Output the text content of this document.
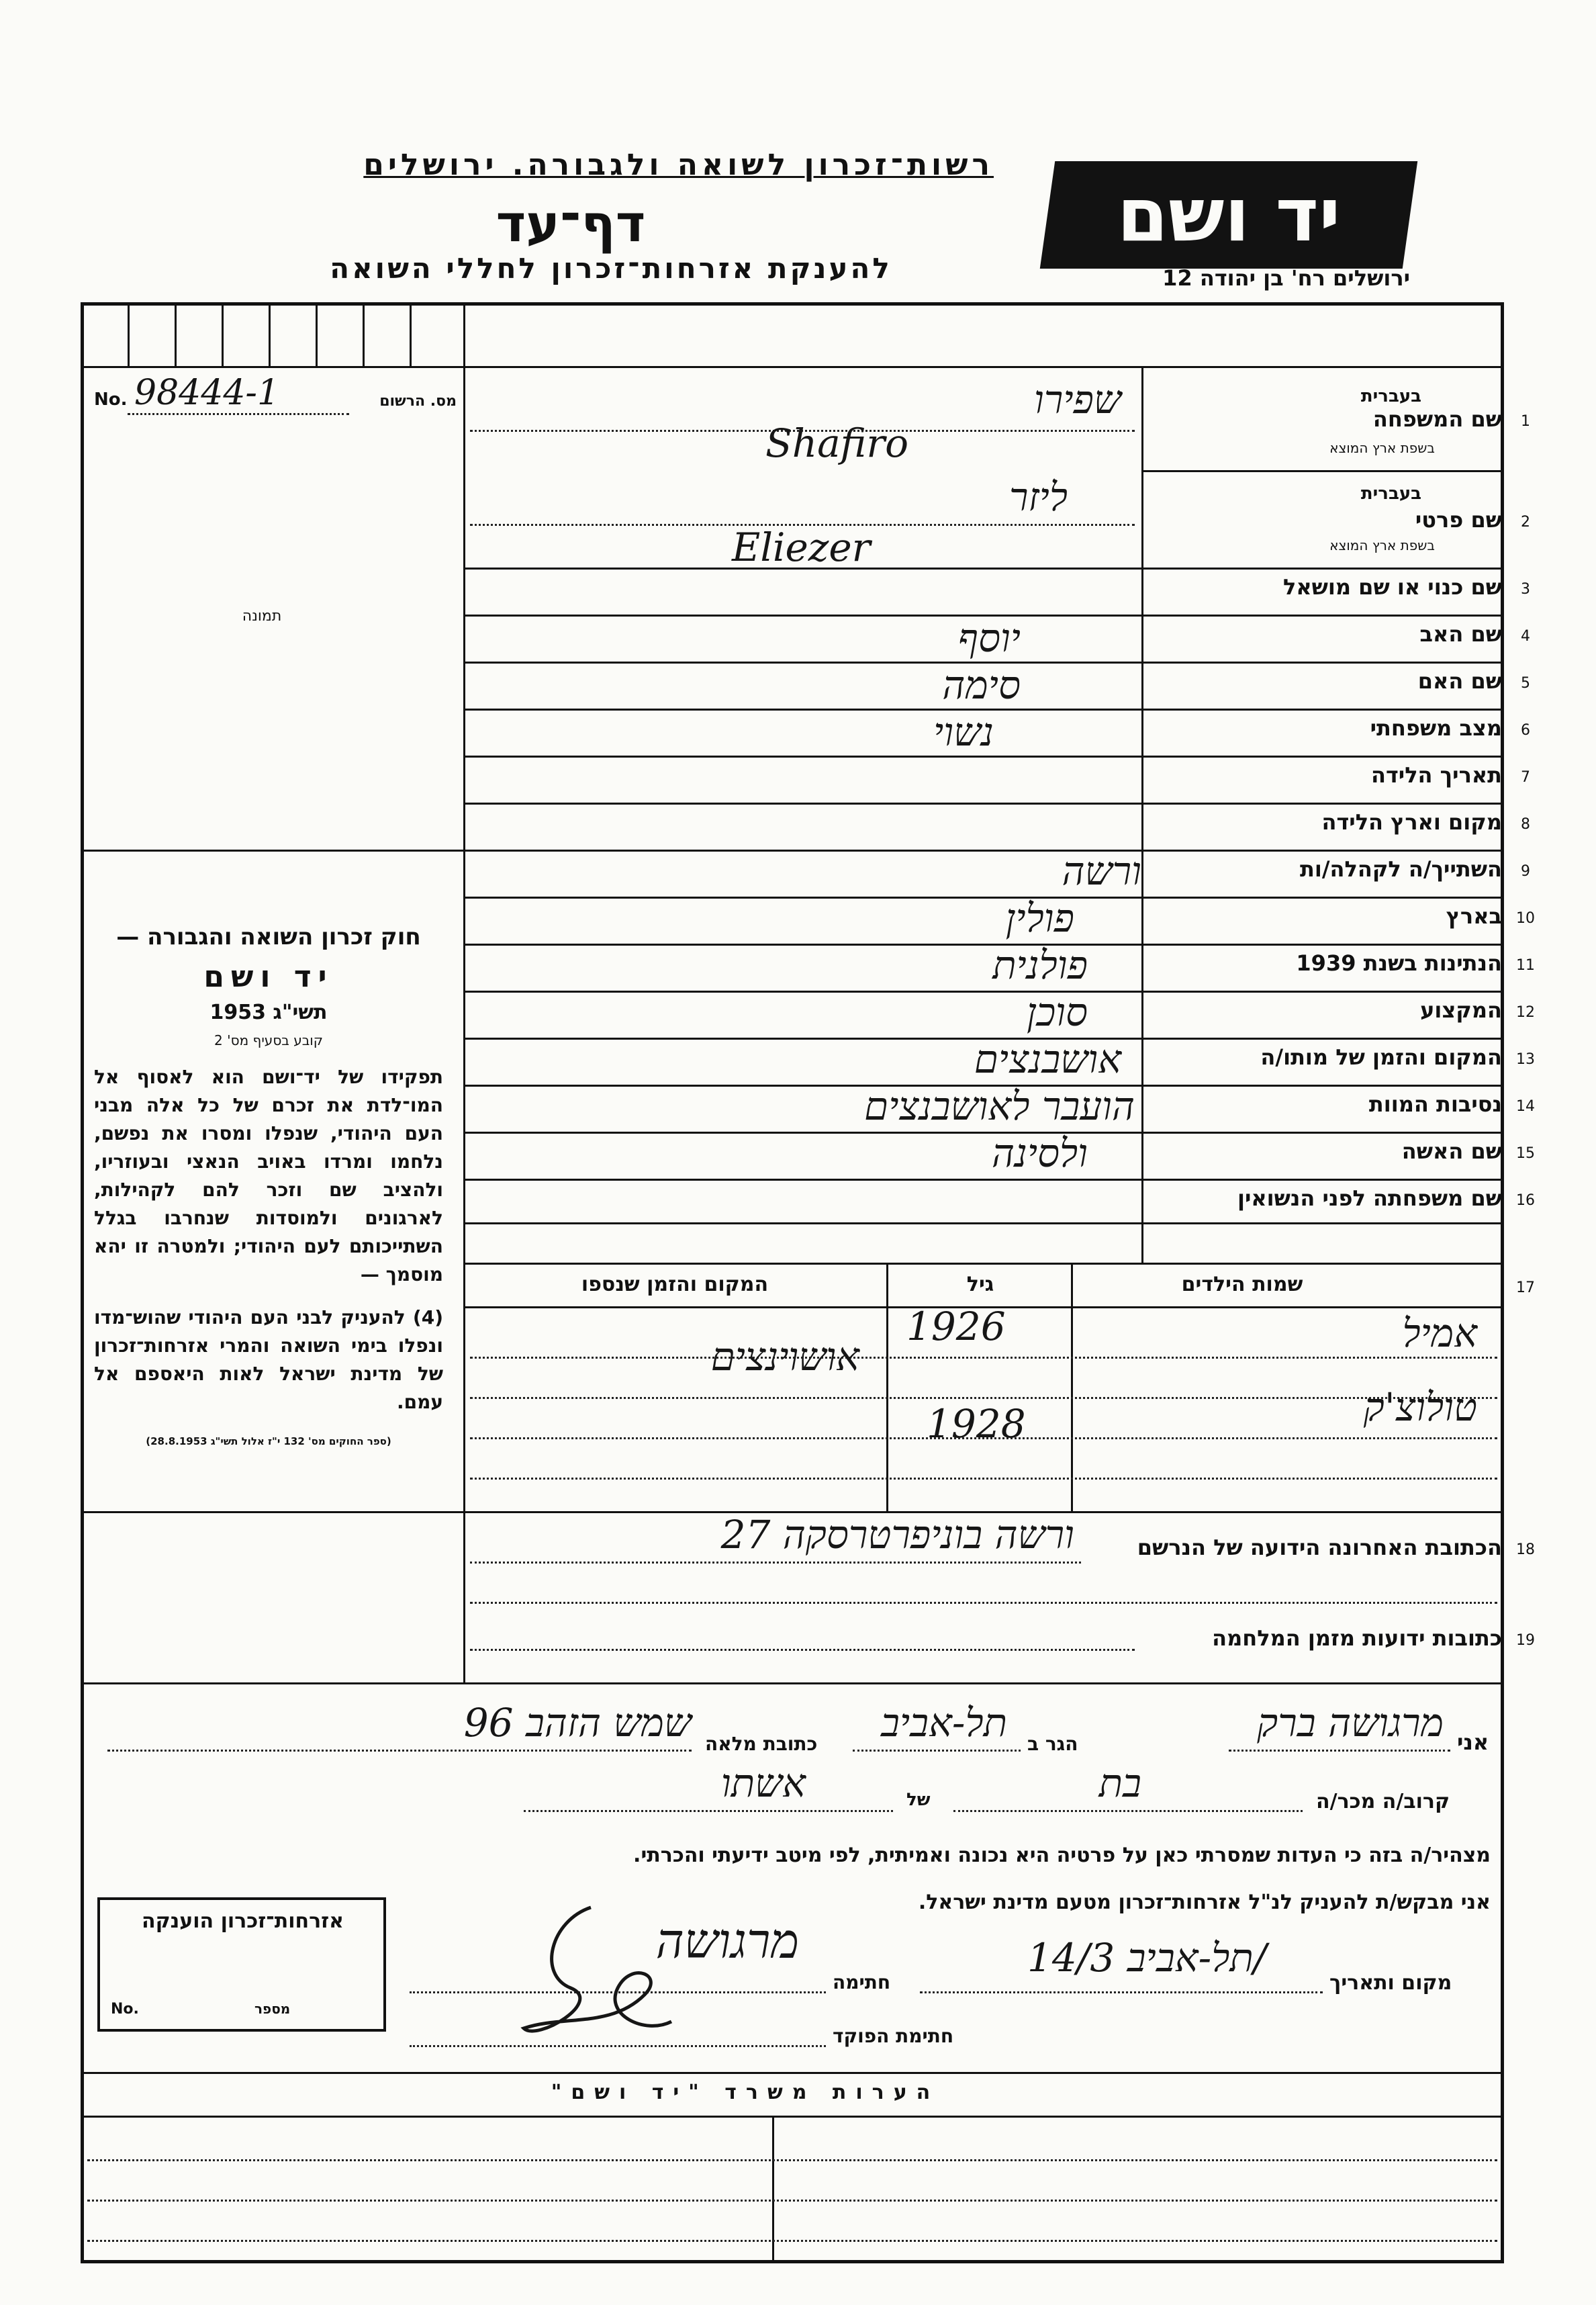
יד ושם
ירושלים רח' בן יהודה 12
רשות־זכרון לשואה ולגבורה. ירושלים
דף־עד
להענקת אזרחות־זכרון לחללי השואה
מס. הרשום
No. 98444-1
תמונה
חוק זכרון השואה והגבורה —
יד ושם
תשי"ג 1953
קובע בסעיף מס' 2
תפקידו של יד־ושם הוא לאסוף אל המו־לדת את זכרם של כל אלה מבני העם היהודי, שנפלו ומסרו את נפשם, נלחמו ומרדו באויב הנאצי ובעוזריו, ולהציב שם וזכר להם לקהילות, לארגונים ולמוסדות שנחרבו בגלל השתייכותם לעם היהודי; ולמטרה זו יהא מוסמך —
(4) להעניק לבני העם היהודי שהוש־מדו ונפלו בימי השואה והמרי אזרחות־זכרון של מדינת ישראל לאות היאספם אל עמם.
(ספר החוקים מס' 132 י"ז אלול תשי"ג 28.8.1953)
1
שם המשפחה
בעברית
בשפת ארץ המוצא
שפירו
Shafiro
2
שם פרטי
בעברית
בשפת ארץ המוצא
ליזר
Eliezer
3
שם כנוי או שם מושאל
4
שם האב
יוסף
5
שם האם
סימה
6
מצב משפחתי
נשוי
7
תאריך הלידה
8
מקום וארץ הלידה
9
השתייך/ה לקהלה/ות
ורשה
10
בארץ
פולין
11
הנתינות בשנת 1939
פולנית
12
המקצוע
סוכן
13
המקום והזמן של מותו/ה
אושבנצים
14
נסיבות המוות
הועבר לאושבנצים
15
שם האשה
ולסינה
16
שם משפחתה לפני הנשואין
17
שמות הילדים
גיל
המקום והזמן שנספו
אמיל
1926
אושוינצים
טולוצ'ק
1928
18
הכתובת האחרונה הידועה של הנרשם
ורשה בוניפרטרסקה 27
19
כתובות ידועות מזמן המלחמה
אני
מרגושה ברק
הגר ב
תל-אביב
כתובת מלאה
שמש הזהב 96
קרוב/ה מכר/ה
בת
של
אשתו
מצהיר/ה בזה כי העדות שמסרתי כאן על פרטיה היא נכונה ואמיתית, לפי מיטב ידיעתי והכרתי.
אני מבקש/ת להעניק לנ"ל אזרחות־זכרון מטעם מדינת ישראל.
מקום ותאריך
תל-אביב 14/3/
חתימה
מרגושה
חתימת הפוקד
אזרחות־זכרון הוענקה
No.	מספר
הערות משרד "יד ושם"
